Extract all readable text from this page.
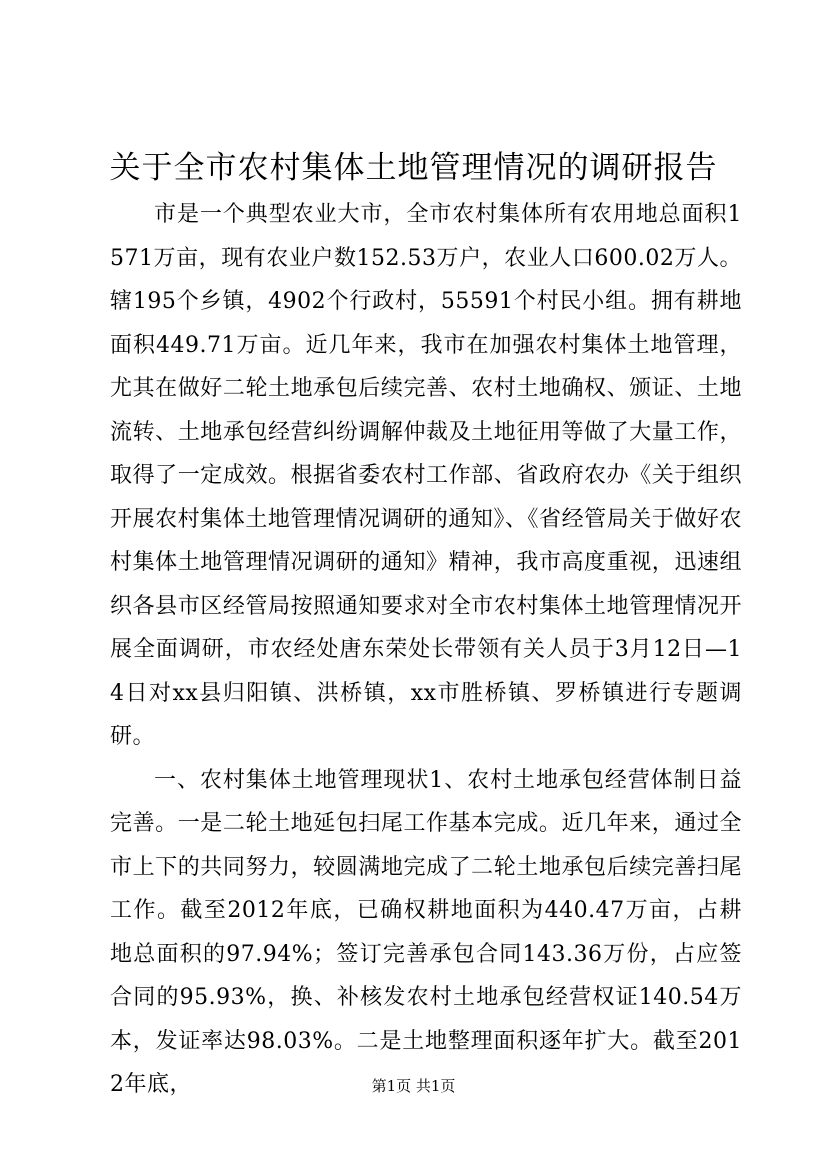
关于全市农村集体土地管理情况的调研报告

市是一个典型农业大市，全市农村集体所有农用地总面积1571万亩，现有农业户数152.53万户，农业人口600.02万人。辖195个乡镇，4902个行政村，55591个村民小组。拥有耕地面积449.71万亩。近几年来，我市在加强农村集体土地管理，尤其在做好二轮土地承包后续完善、农村土地确权、颁证、土地流转、土地承包经营纠纷调解仲裁及土地征用等做了大量工作，取得了一定成效。根据省委农村工作部、省政府农办《关于组织开展农村集体土地管理情况调研的通知》、《省经管局关于做好农村集体土地管理情况调研的通知》精神，我市高度重视，迅速组织各县市区经管局按照通知要求对全市农村集体土地管理情况开展全面调研，市农经处唐东荣处长带领有关人员于3月12日—14日对xx县归阳镇、洪桥镇，xx市胜桥镇、罗桥镇进行专题调研。

一、农村集体土地管理现状1、农村土地承包经营体制日益完善。一是二轮土地延包扫尾工作基本完成。近几年来，通过全市上下的共同努力，较圆满地完成了二轮土地承包后续完善扫尾工作。截至2012年底，已确权耕地面积为440.47万亩，占耕地总面积的97.94%；签订完善承包合同143.36万份，占应签合同的95.93%，换、补核发农村土地承包经营权证140.54万本，发证率达98.03%。二是土地整理面积逐年扩大。截至2012年底，	第1页 共1页
